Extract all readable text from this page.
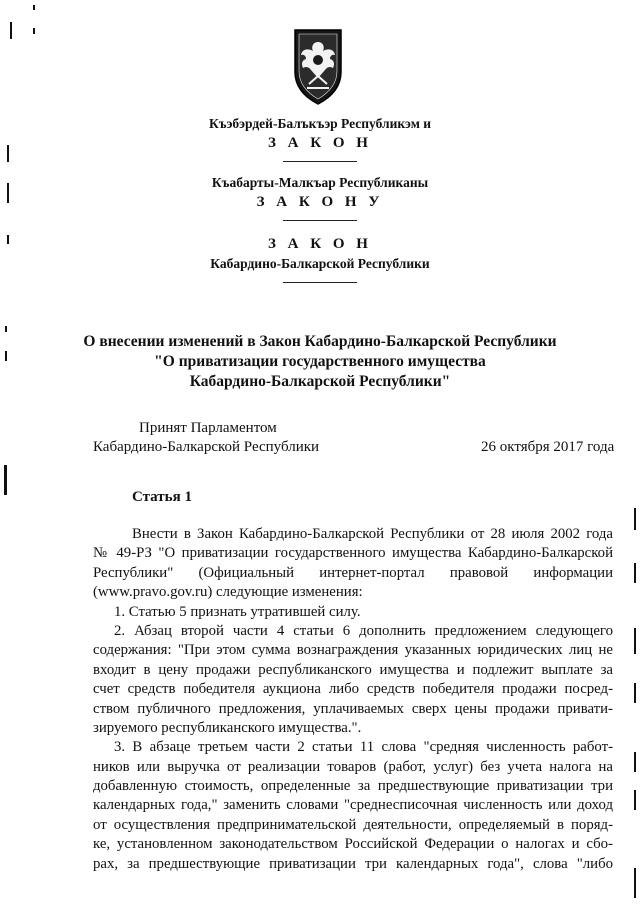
Къэбэрдей-Балъкъэр Республикэм и
З А К О Н
Къабарты-Малкъар Республиканы
З А К О Н У
З А К О Н
Кабардино-Балкарской Республики
О внесении изменений в Закон Кабардино-Балкарской Республики
"О приватизации государственного имущества
Кабардино-Балкарской Республики"
Принят Парламентом
Кабардино-Балкарской Республики	26 октября 2017 года
Статья 1
Внести в Закон Кабардино-Балкарской Республики от 28 июля 2002 года
№ 49-РЗ "О приватизации государственного имущества Кабардино-Балкарской
Республики" (Официальный интернет-портал правовой информации
(www.pravo.gov.ru) следующие изменения:
1. Статью 5 признать утратившей силу.
2. Абзац второй части 4 статьи 6 дополнить предложением следующего
содержания: "При этом сумма вознаграждения указанных юридических лиц не
входит в цену продажи республиканского имущества и подлежит выплате за
счет средств победителя аукциона либо средств победителя продажи посред-
ством публичного предложения, уплачиваемых сверх цены продажи привати-
зируемого республиканского имущества.".
3. В абзаце третьем части 2 статьи 11 слова "средняя численность работ-
ников или выручка от реализации товаров (работ, услуг) без учета налога на
добавленную стоимость, определенные за предшествующие приватизации три
календарных года," заменить словами "среднесписочная численность или доход
от осуществления предпринимательской деятельности, определяемый в поряд-
ке, установленном законодательством Российской Федерации о налогах и сбо-
рах, за предшествующие приватизации три календарных года", слова "либо
